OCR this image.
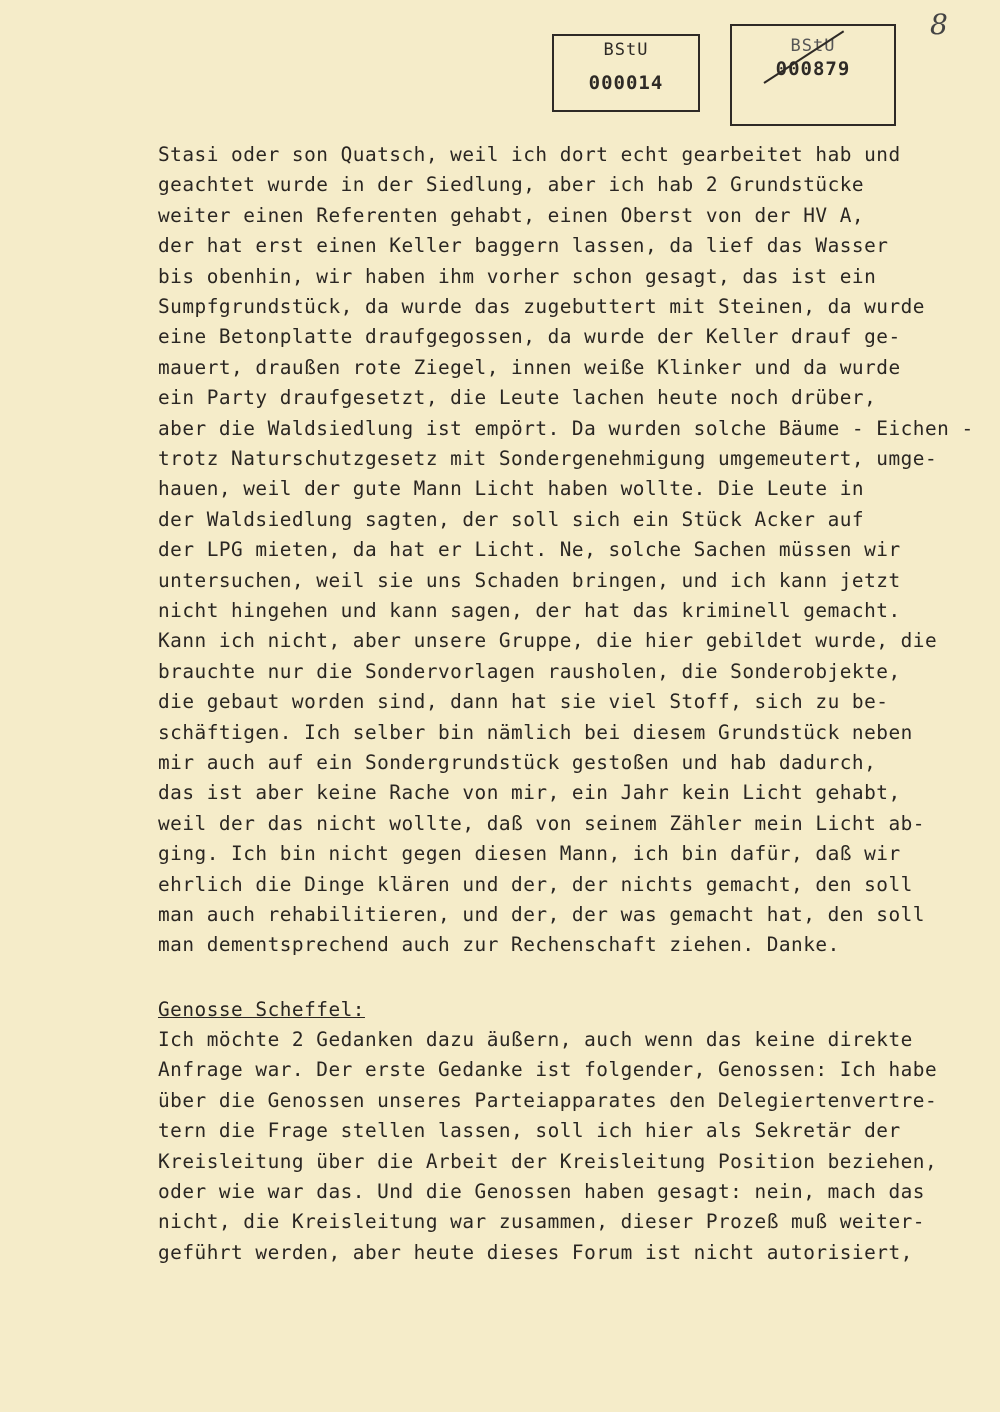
BStU
000014
BStU
000879
8
Stasi oder son Quatsch, weil ich dort echt gearbeitet hab und
geachtet wurde in der Siedlung, aber ich hab 2 Grundstücke
weiter einen Referenten gehabt, einen Oberst von der HV A,
der hat erst einen Keller baggern lassen, da lief das Wasser
bis obenhin, wir haben ihm vorher schon gesagt, das ist ein
Sumpfgrundstück, da wurde das zugebuttert mit Steinen, da wurde
eine Betonplatte draufgegossen, da wurde der Keller drauf ge-
mauert, draußen rote Ziegel, innen weiße Klinker und da wurde
ein Party draufgesetzt, die Leute lachen heute noch drüber,
aber die Waldsiedlung ist empört. Da wurden solche Bäume - Eichen -
trotz Naturschutzgesetz mit Sondergenehmigung umgemeutert, umge-
hauen, weil der gute Mann Licht haben wollte. Die Leute in
der Waldsiedlung sagten, der soll sich ein Stück Acker auf
der LPG mieten, da hat er Licht. Ne, solche Sachen müssen wir
untersuchen, weil sie uns Schaden bringen, und ich kann jetzt
nicht hingehen und kann sagen, der hat das kriminell gemacht.
Kann ich nicht, aber unsere Gruppe, die hier gebildet wurde, die
brauchte nur die Sondervorlagen rausholen, die Sonderobjekte,
die gebaut worden sind, dann hat sie viel Stoff, sich zu be-
schäftigen. Ich selber bin nämlich bei diesem Grundstück neben
mir auch auf ein Sondergrundstück gestoßen und hab dadurch,
das ist aber keine Rache von mir, ein Jahr kein Licht gehabt,
weil der das nicht wollte, daß von seinem Zähler mein Licht ab-
ging. Ich bin nicht gegen diesen Mann, ich bin dafür, daß wir
ehrlich die Dinge klären und der, der nichts gemacht, den soll
man auch rehabilitieren, und der, der was gemacht hat, den soll
man dementsprechend auch zur Rechenschaft ziehen. Danke.
Genosse Scheffel:
Ich möchte 2 Gedanken dazu äußern, auch wenn das keine direkte
Anfrage war. Der erste Gedanke ist folgender, Genossen: Ich habe
über die Genossen unseres Parteiapparates den Delegiertenvertre-
tern die Frage stellen lassen, soll ich hier als Sekretär der
Kreisleitung über die Arbeit der Kreisleitung Position beziehen,
oder wie war das. Und die Genossen haben gesagt: nein, mach das
nicht, die Kreisleitung war zusammen, dieser Prozeß muß weiter-
geführt werden, aber heute dieses Forum ist nicht autorisiert,
